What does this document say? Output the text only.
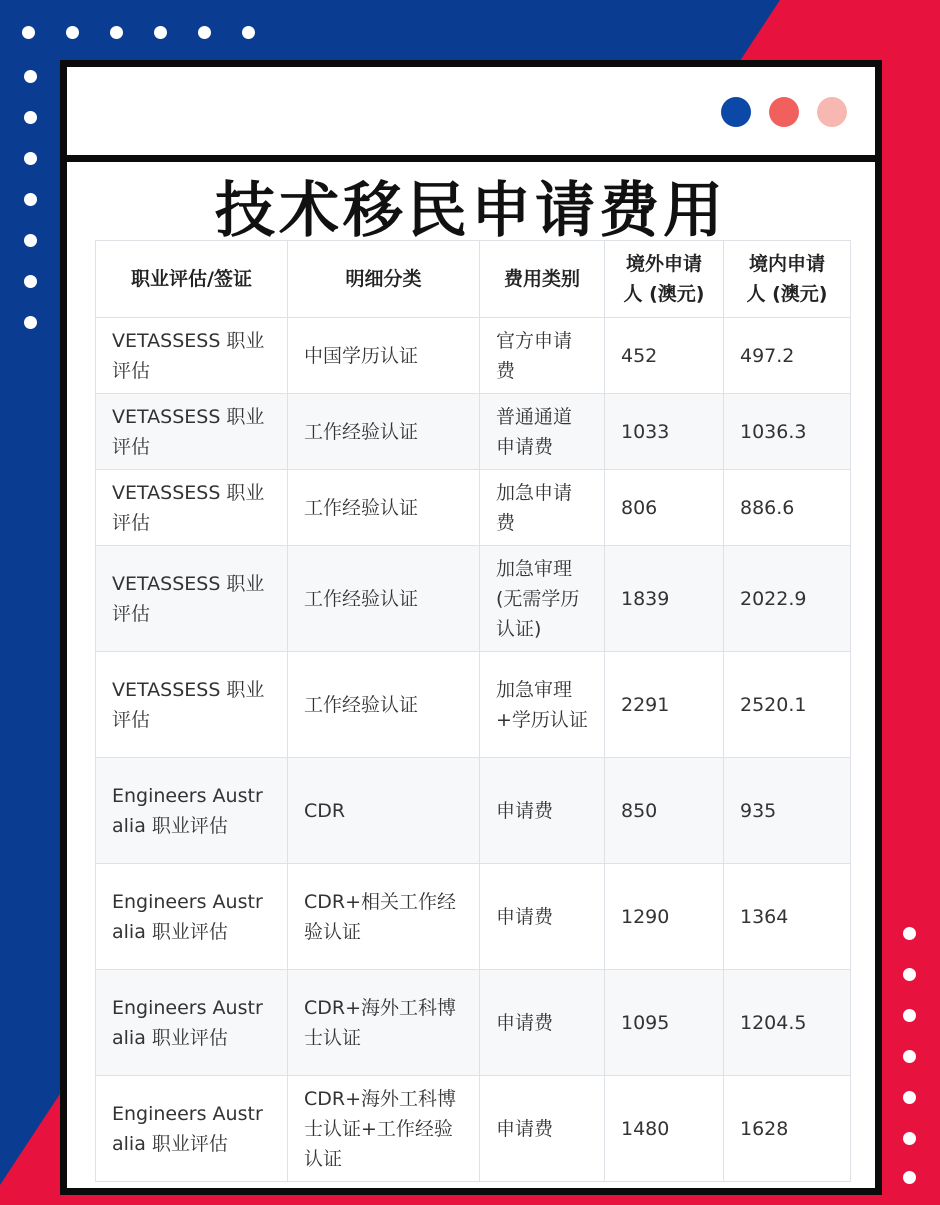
技术移民申请费用
职业评估/签证	明细分类	费用类别	境外申请人 (澳元)	境内申请人 (澳元)
VETASSESS 职业评估	中国学历认证	官方申请费	452	497.2
VETASSESS 职业评估	工作经验认证	普通通道申请费	1033	1036.3
VETASSESS 职业评估	工作经验认证	加急申请费	806	886.6
VETASSESS 职业评估	工作经验认证	加急审理(无需学历认证)	1839	2022.9
VETASSESS 职业评估	工作经验认证	加急审理+学历认证	2291	2520.1
Engineers Australia 职业评估	CDR	申请费	850	935
Engineers Australia 职业评估	CDR+相关工作经验认证	申请费	1290	1364
Engineers Australia 职业评估	CDR+海外工科博士认证	申请费	1095	1204.5
Engineers Australia 职业评估	CDR+海外工科博士认证+工作经验认证	申请费	1480	1628
